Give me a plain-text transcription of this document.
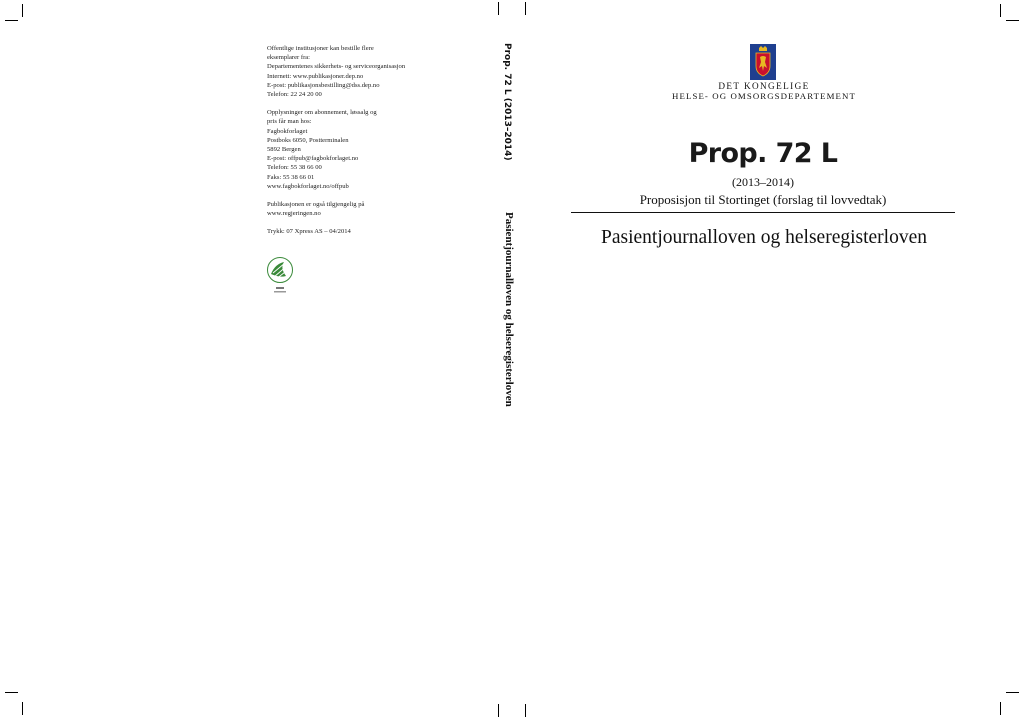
Offentlige institusjoner kan bestille flere
eksemplarer fra:
Departementenes sikkerhets- og serviceorganisasjon
Internett: www.publikasjoner.dep.no
E-post: publikasjonsbestilling@dss.dep.no
Telefon: 22 24 20 00
Opplysninger om abonnement, løssalg og
pris får man hos:
Fagbokforlaget
Postboks 6050, Postterminalen
5892 Bergen
E-post: offpub@fagbokforlaget.no
Telefon: 55 38 66 00
Faks: 55 38 66 01
www.fagbokforlaget.no/offpub
Publikasjonen er også tilgjengelig på
www.regjeringen.no
Trykk: 07 Xpress AS – 04/2014
Prop. 72 L (2013–2014)
Pasientjournalloven og helseregisterloven
DET KONGELIGE
HELSE- OG OMSORGSDEPARTEMENT
Prop. 72 L
(2013–2014)
Proposisjon til Stortinget (forslag til lovvedtak)
Pasientjournalloven og helseregisterloven
